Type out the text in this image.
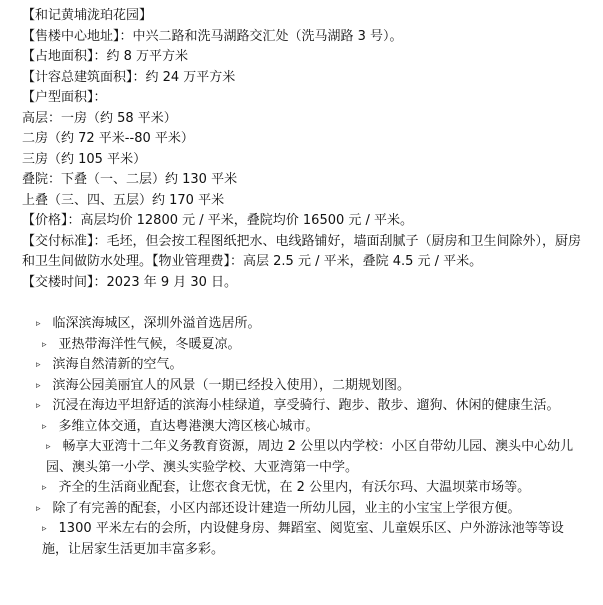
【和记黄埔泷珀花园】
【售楼中心地址】：中兴二路和洗马湖路交汇处（洗马湖路 3 号）。
【占地面积】：约 8 万平方米
【计容总建筑面积】：约 24 万平方米
【户型面积】：
高层：一房（约 58 平米）
二房（约 72 平米--80 平米）
三房（约 105 平米）
叠院：下叠（一、二层）约 130 平米
上叠（三、四、五层）约 170 平米
【价格】：高层均价 12800 元 / 平米，叠院均价 16500 元 / 平米。
【交付标准】：毛坯，但会按工程图纸把水、电线路铺好，墙面刮腻子（厨房和卫生间除外），厨房和卫生间做防水处理。【物业管理费】：高层 2.5 元 / 平米，叠院 4.5 元 / 平米。
【交楼时间】：2023 年 9 月 30 日。
▹ 临深滨海城区，深圳外溢首选居所。
▹ 亚热带海洋性气候，冬暖夏凉。
▹ 滨海自然清新的空气。
▹ 滨海公园美丽宜人的风景（一期已经投入使用），二期规划图。
▹ 沉浸在海边平坦舒适的滨海小桂绿道，享受骑行、跑步、散步、遛狗、休闲的健康生活。
▹ 多维立体交通，直达粤港澳大湾区核心城市。
▹ 畅享大亚湾十二年义务教育资源，周边 2 公里以内学校：小区自带幼儿园、澳头中心幼儿园、澳头第一小学、澳头实验学校、大亚湾第一中学。
▹ 齐全的生活商业配套，让您衣食无忧，在 2 公里内，有沃尔玛、大温坝菜市场等。
▹ 除了有完善的配套，小区内部还设计建造一所幼儿园，业主的小宝宝上学很方便。
▹ 1300 平米左右的会所，内设健身房、舞蹈室、阅览室、儿童娱乐区、户外游泳池等等设施，让居家生活更加丰富多彩。
